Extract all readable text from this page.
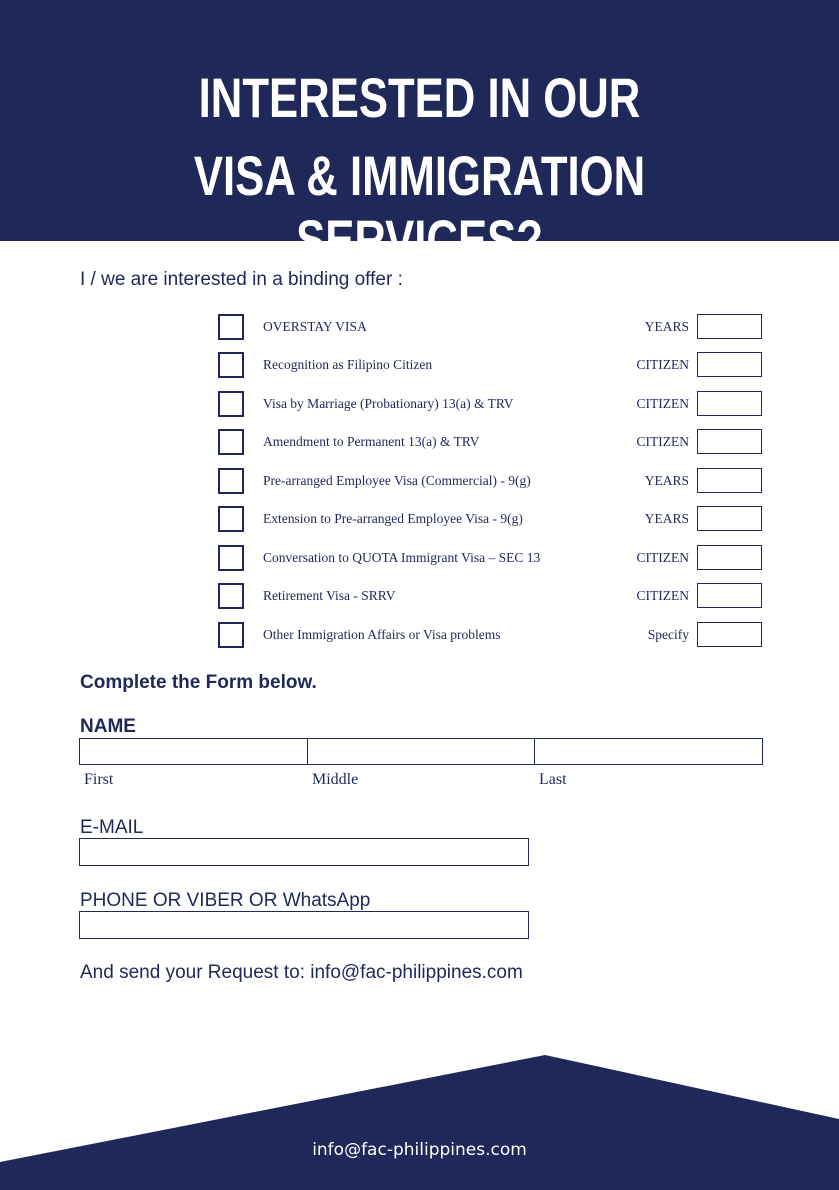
INTERESTED IN OUR
VISA & IMMIGRATION SERVICES?
I / we are interested in a binding offer :
OVERSTAY VISA	YEARS
Recognition as Filipino Citizen	CITIZEN
Visa by Marriage (Probationary) 13(a) & TRV	CITIZEN
Amendment to Permanent 13(a) & TRV	CITIZEN
Pre-arranged Employee Visa (Commercial) - 9(g)	YEARS
Extension to Pre-arranged Employee Visa - 9(g)	YEARS
Conversation to QUOTA Immigrant Visa – SEC 13	CITIZEN
Retirement Visa - SRRV	CITIZEN
Other Immigration Affairs or Visa problems	Specify
Complete the Form below.
NAME
First	Middle	Last
E-MAIL
PHONE OR VIBER OR WhatsApp
And send your Request to: info@fac-philippines.com
info@fac-philippines.com
